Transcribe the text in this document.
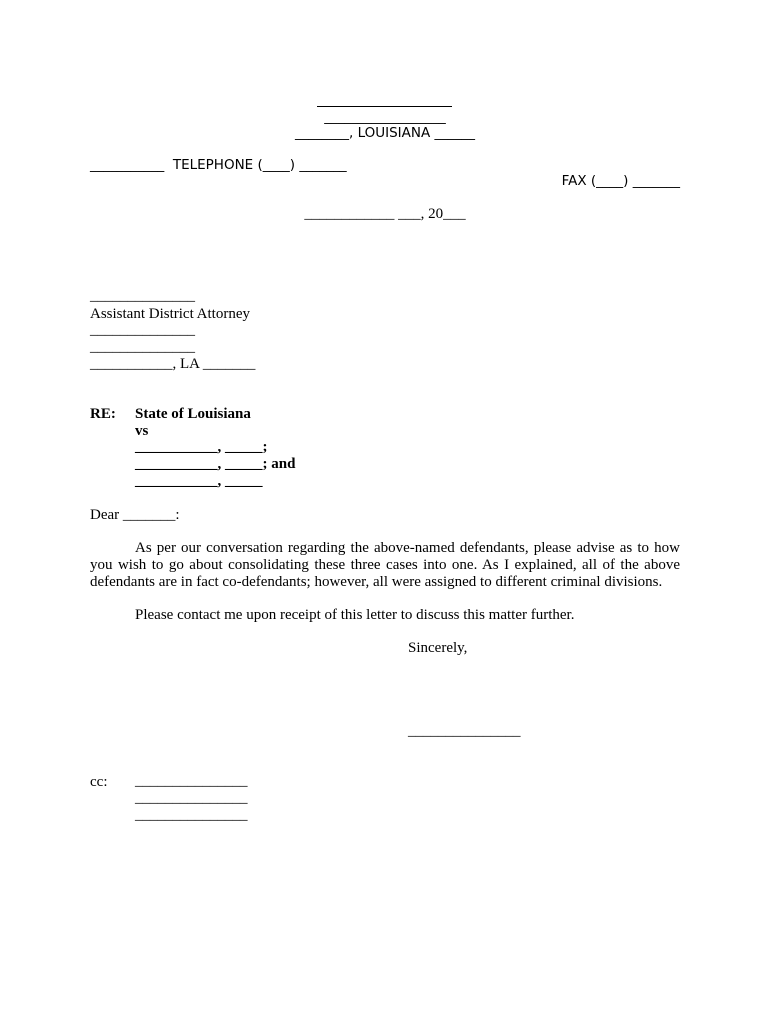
__________________
________, LOUISIANA ______
___________  TELEPHONE (____) _______
FAX (____) _______
____________ ___, 20___
______________
Assistant District Attorney
______________
______________
___________, LA _______
RE: State of Louisiana
vs
___________, _____;
___________, _____; and
___________, _____
Dear _______:
As per our conversation regarding the above-named defendants, please advise as to how you wish to go about consolidating these three cases into one. As I explained, all of the above defendants are in fact co-defendants; however, all were assigned to different criminal divisions.
Please contact me upon receipt of this letter to discuss this matter further.
Sincerely,
_______________
cc: _______________
_______________
_______________
